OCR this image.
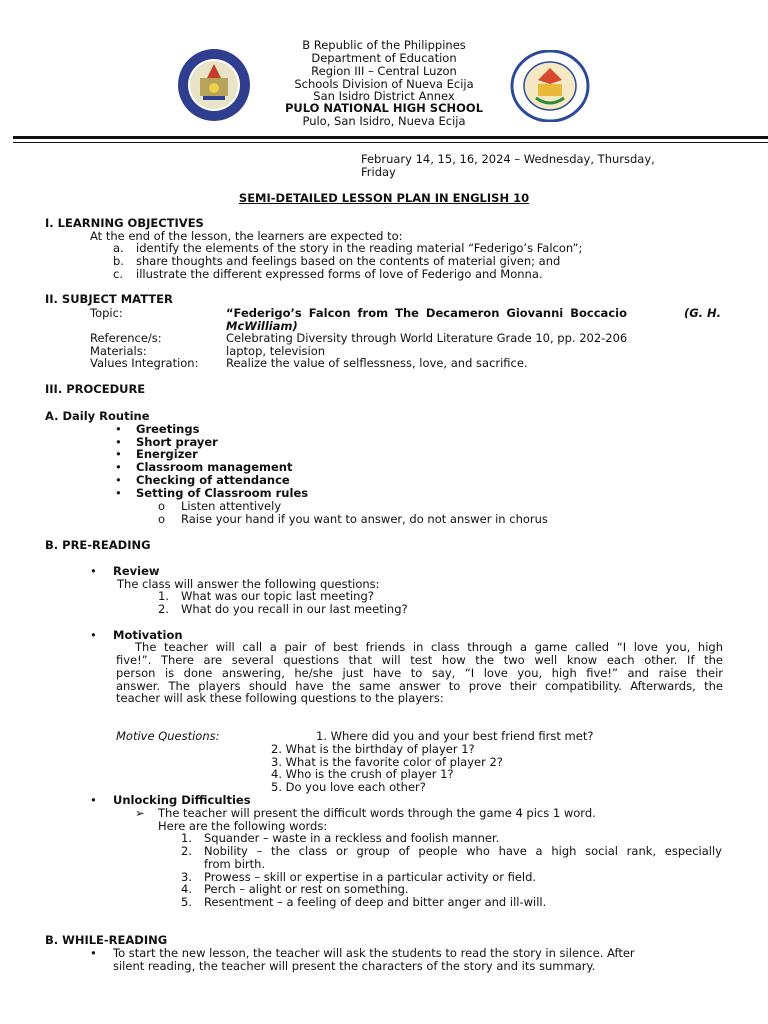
B Republic of the Philippines
Department of Education
Region III – Central Luzon
Schools Division of Nueva Ecija
San Isidro District Annex
PULO NATIONAL HIGH SCHOOL
Pulo, San Isidro, Nueva Ecija
February 14, 15, 16, 2024 – Wednesday, Thursday,
Friday
SEMI-DETAILED LESSON PLAN IN ENGLISH 10
I. LEARNING OBJECTIVES
At the end of the lesson, the learners are expected to:
a. identify the elements of the story in the reading material “Federigo’s Falcon”;
b. share thoughts and feelings based on the contents of material given; and
c. illustrate the different expressed forms of love of Federigo and Monna.
II. SUBJECT MATTER
Topic:	“Federigo’s Falcon from The Decameron Giovanni Boccacio	(G. H.
McWilliam)
Reference/s:	Celebrating Diversity through World Literature Grade 10, pp. 202-206
Materials:	laptop, television
Values Integration: Realize the value of selflessness, love, and sacrifice.
III. PROCEDURE
A. Daily Routine
• Greetings
• Short prayer
• Energizer
• Classroom management
• Checking of attendance
• Setting of Classroom rules
o Listen attentively
o Raise your hand if you want to answer, do not answer in chorus
B. PRE-READING
• Review
The class will answer the following questions:
1. What was our topic last meeting?
2. What do you recall in our last meeting?
• Motivation
The teacher will call a pair of best friends in class through a game called “I love you, high
five!”. There are several questions that will test how the two well know each other. If the
person is done answering, he/she just have to say, “I love you, high five!” and raise their
answer. The players should have the same answer to prove their compatibility. Afterwards, the
teacher will ask these following questions to the players:
Motive Questions:	1. Where did you and your best friend first met?
2. What is the birthday of player 1?
3. What is the favorite color of player 2?
4. Who is the crush of player 1?
5. Do you love each other?
• Unlocking Difficulties
➢ The teacher will present the difficult words through the game 4 pics 1 word.
Here are the following words:
1. Squander – waste in a reckless and foolish manner.
2. Nobility – the class or group of people who have a high social rank, especially
from birth.
3. Prowess – skill or expertise in a particular activity or field.
4. Perch – alight or rest on something.
5. Resentment – a feeling of deep and bitter anger and ill-will.
B. WHILE-READING
• To start the new lesson, the teacher will ask the students to read the story in silence. After
silent reading, the teacher will present the characters of the story and its summary.
